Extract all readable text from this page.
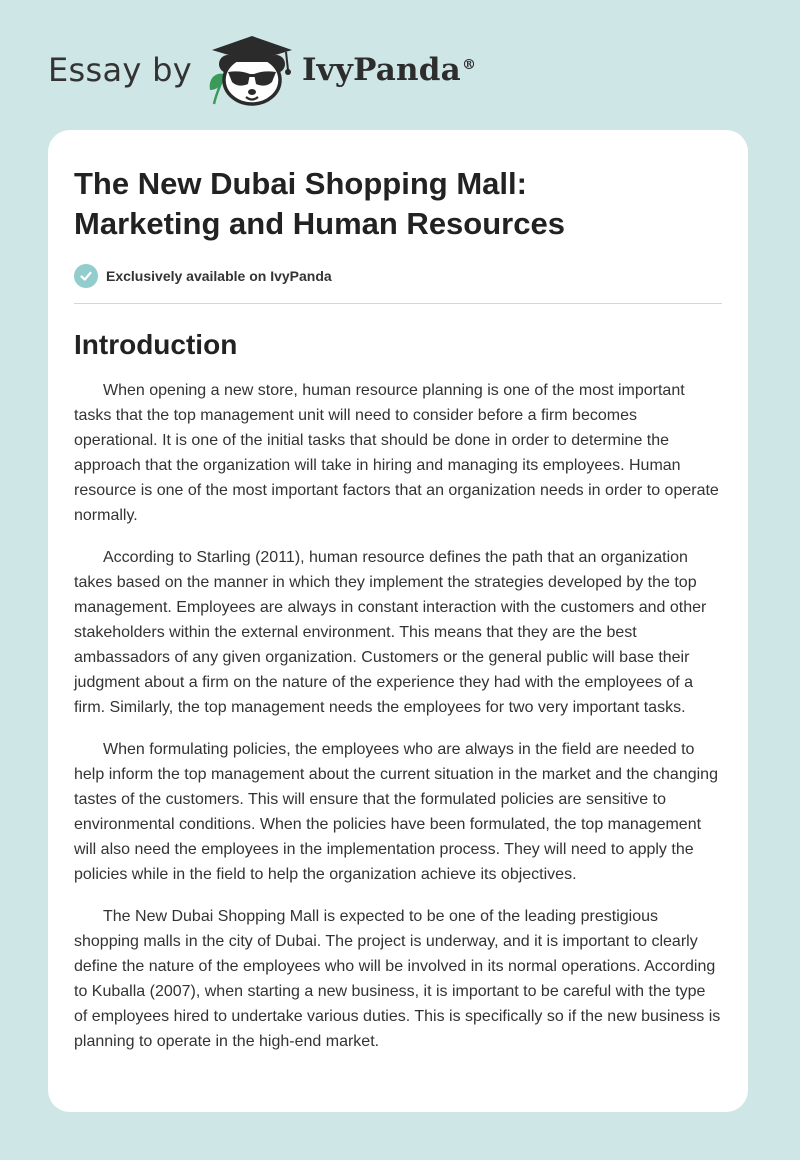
Essay by	IvyPanda®
The New Dubai Shopping Mall:
Marketing and Human Resources
Exclusively available on IvyPanda
Introduction

When opening a new store, human resource planning is one of the most important tasks that the top management unit will need to consider before a firm becomes operational. It is one of the initial tasks that should be done in order to determine the approach that the organization will take in hiring and managing its employees. Human resource is one of the most important factors that an organization needs in order to operate normally.

According to Starling (2011), human resource defines the path that an organization takes based on the manner in which they implement the strategies developed by the top management. Employees are always in constant interaction with the customers and other stakeholders within the external environment. This means that they are the best ambassadors of any given organization. Customers or the general public will base their judgment about a firm on the nature of the experience they had with the employees of a firm. Similarly, the top management needs the employees for two very important tasks.

When formulating policies, the employees who are always in the field are needed to help inform the top management about the current situation in the market and the changing tastes of the customers. This will ensure that the formulated policies are sensitive to environmental conditions. When the policies have been formulated, the top management will also need the employees in the implementation process. They will need to apply the policies while in the field to help the organization achieve its objectives.

The New Dubai Shopping Mall is expected to be one of the leading prestigious shopping malls in the city of Dubai. The project is underway, and it is important to clearly define the nature of the employees who will be involved in its normal operations. According to Kuballa (2007), when starting a new business, it is important to be careful with the type of employees hired to undertake various duties. This is specifically so if the new business is planning to operate in the high-end market.
